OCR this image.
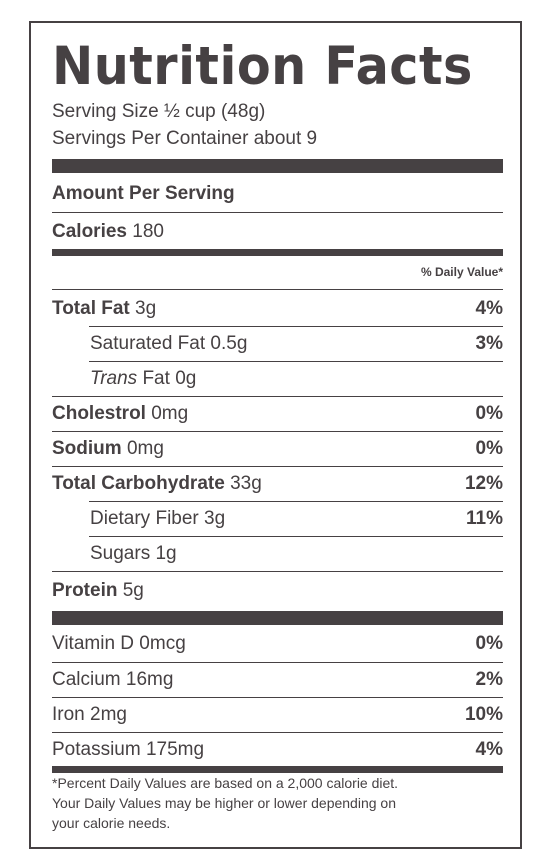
Nutrition Facts
Serving Size ½ cup (48g)
Servings Per Container about 9
Amount Per Serving
Calories 180
% Daily Value*
Total Fat 3g	4%
Saturated Fat 0.5g	3%
Trans Fat 0g
Cholestrol 0mg	0%
Sodium 0mg	0%
Total Carbohydrate 33g	12%
Dietary Fiber 3g	11%
Sugars 1g
Protein 5g
Vitamin D 0mcg	0%
Calcium 16mg	2%
Iron 2mg	10%
Potassium 175mg	4%
*Percent Daily Values are based on a 2,000 calorie diet.
Your Daily Values may be higher or lower depending on
your calorie needs.
